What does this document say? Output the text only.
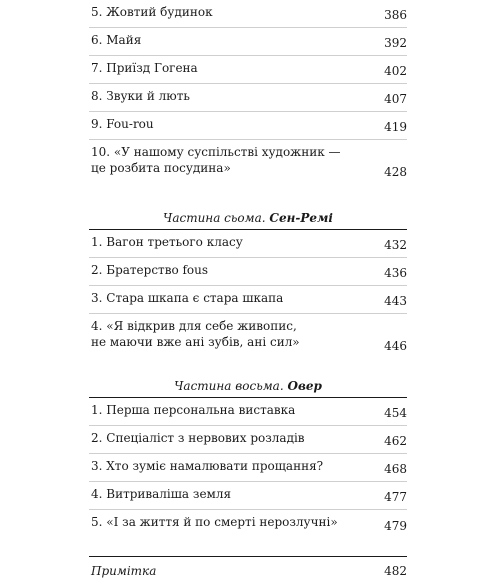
5. Жовтий будинок	386
6. Майя	392
7. Приїзд Гогена	402
8. Звуки й лють	407
9. Fou-rou	419
10. «У нашому суспільстві художник —
це розбита посудина»	428
Частина сьома. Сен-Ремі
1. Вагон третього класу	432
2. Братерство fous	436
3. Стара шкапа є стара шкапа	443
4. «Я відкрив для себе живопис,
не маючи вже ані зубів, ані сил»	446
Частина восьма. Овер
1. Перша персональна виставка	454
2. Спеціаліст з нервових розладів	462
3. Хто зуміє намалювати прощання?	468
4. Витриваліша земля	477
5. «І за життя й по смерті нерозлучні»	479
Примітка	482
